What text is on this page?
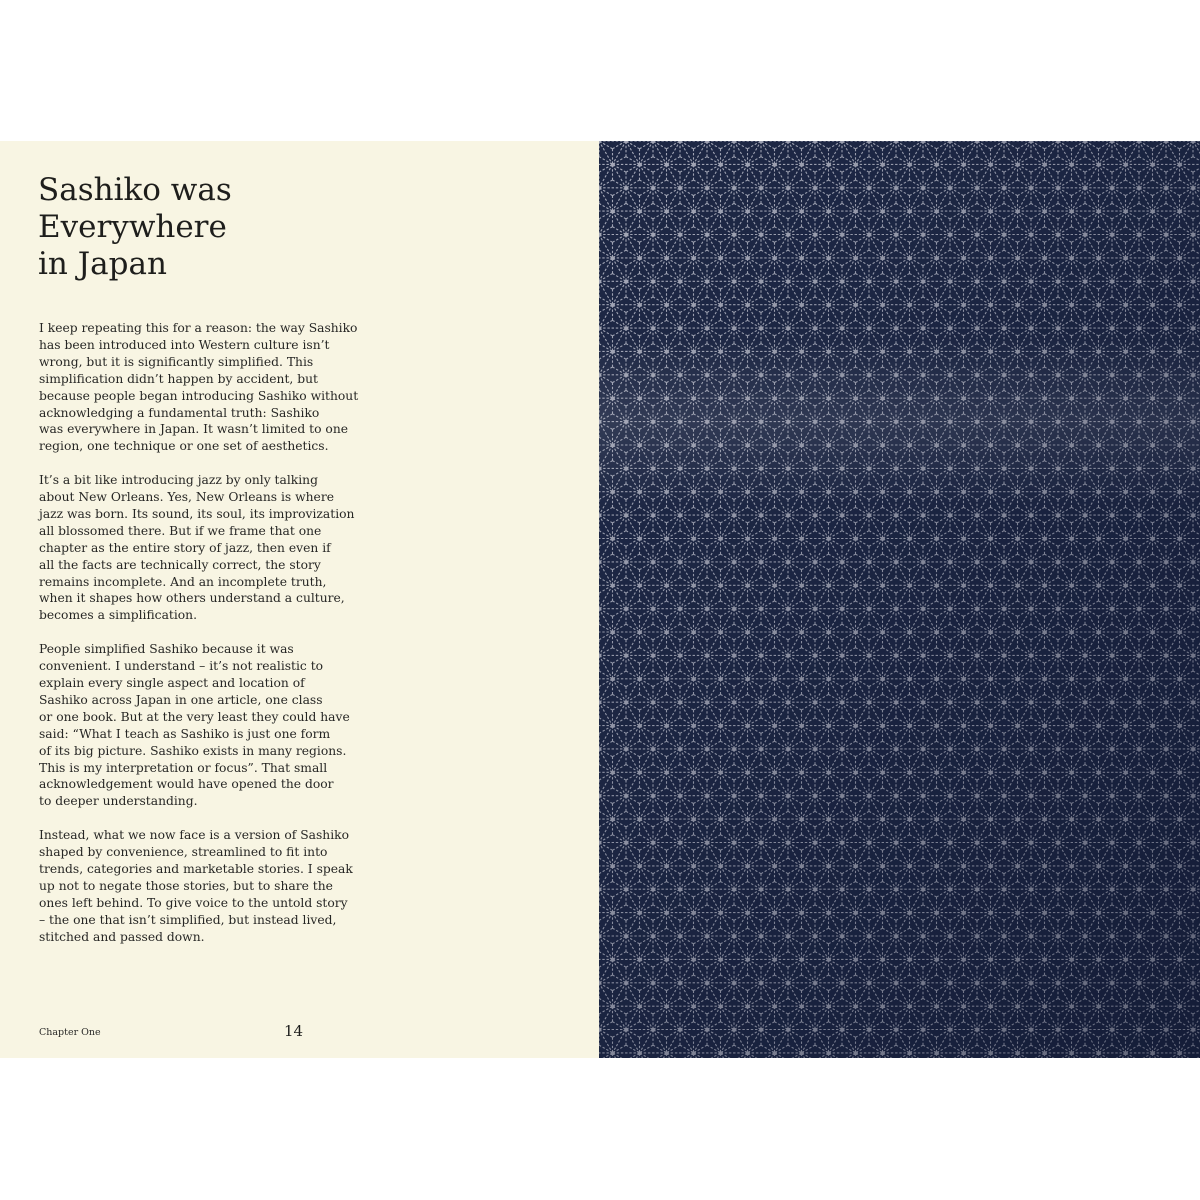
Sashiko was
Everywhere
in Japan

I keep repeating this for a reason: the way Sashiko
has been introduced into Western culture isn’t
wrong, but it is significantly simplified. This
simplification didn’t happen by accident, but
because people began introducing Sashiko without
acknowledging a fundamental truth: Sashiko
was everywhere in Japan. It wasn’t limited to one
region, one technique or one set of aesthetics.

It’s a bit like introducing jazz by only talking
about New Orleans. Yes, New Orleans is where
jazz was born. Its sound, its soul, its improvization
all blossomed there. But if we frame that one
chapter as the entire story of jazz, then even if
all the facts are technically correct, the story
remains incomplete. And an incomplete truth,
when it shapes how others understand a culture,
becomes a simplification.

People simplified Sashiko because it was
convenient. I understand – it’s not realistic to
explain every single aspect and location of
Sashiko across Japan in one article, one class
or one book. But at the very least they could have
said: “What I teach as Sashiko is just one form
of its big picture. Sashiko exists in many regions.
This is my interpretation or focus”. That small
acknowledgement would have opened the door
to deeper understanding.

Instead, what we now face is a version of Sashiko
shaped by convenience, streamlined to fit into
trends, categories and marketable stories. I speak
up not to negate those stories, but to share the
ones left behind. To give voice to the untold story
– the one that isn’t simplified, but instead lived,
stitched and passed down.

Chapter One	14
